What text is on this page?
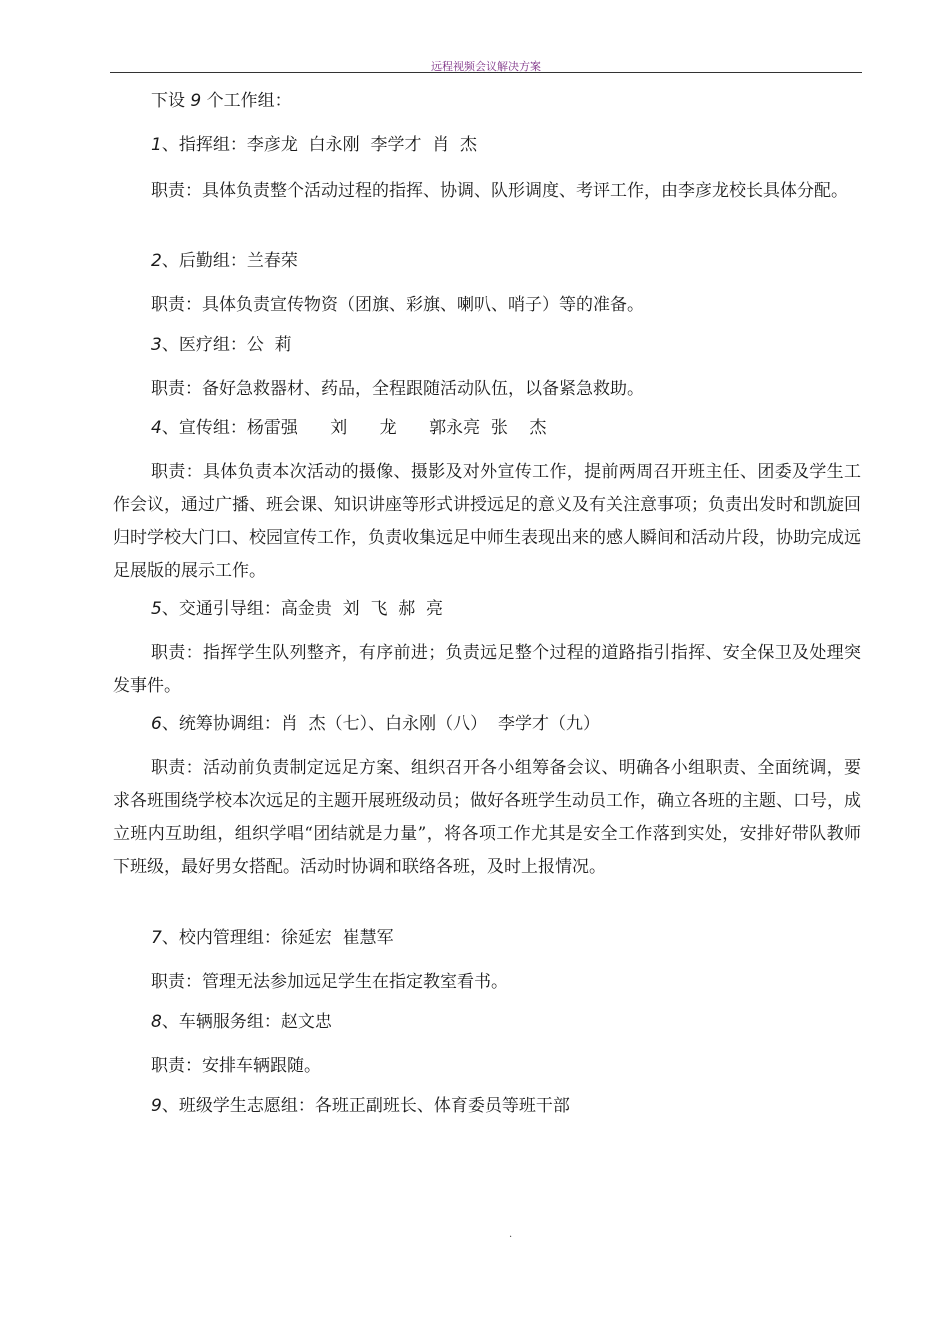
远程视频会议解决方案
下设 9 个工作组：
1、指挥组：李彦龙  白永刚  李学才  肖  杰
职责：具体负责整个活动过程的指挥、协调、队形调度、考评工作，由李彦龙校长具体分配。
2、后勤组：兰春荣
职责：具体负责宣传物资（团旗、彩旗、喇叭、哨子）等的准备。
3、医疗组：公  莉
职责：备好急救器材、药品，全程跟随活动队伍，以备紧急救助。
4、宣传组：杨雷强      刘      龙      郭永亮  张    杰
职责：具体负责本次活动的摄像、摄影及对外宣传工作，提前两周召开班主任、团委及学生工作会议，通过广播、班会课、知识讲座等形式讲授远足的意义及有关注意事项；负责出发时和凯旋回归时学校大门口、校园宣传工作，负责收集远足中师生表现出来的感人瞬间和活动片段，协助完成远足展版的展示工作。
5、交通引导组：高金贵  刘  飞  郝  亮
职责：指挥学生队列整齐，有序前进；负责远足整个过程的道路指引指挥、安全保卫及处理突发事件。
6、统筹协调组：肖  杰（七）、白永刚（八）  李学才（九）
职责：活动前负责制定远足方案、组织召开各小组筹备会议、明确各小组职责、全面统调，要求各班围绕学校本次远足的主题开展班级动员；做好各班学生动员工作，确立各班的主题、口号，成立班内互助组，组织学唱“团结就是力量”，将各项工作尤其是安全工作落到实处，安排好带队教师下班级，最好男女搭配。活动时协调和联络各班，及时上报情况。
7、校内管理组：徐延宏  崔慧军
职责：管理无法参加远足学生在指定教室看书。
8、车辆服务组：赵文忠
职责：安排车辆跟随。
9、班级学生志愿组：各班正副班长、体育委员等班干部
.
